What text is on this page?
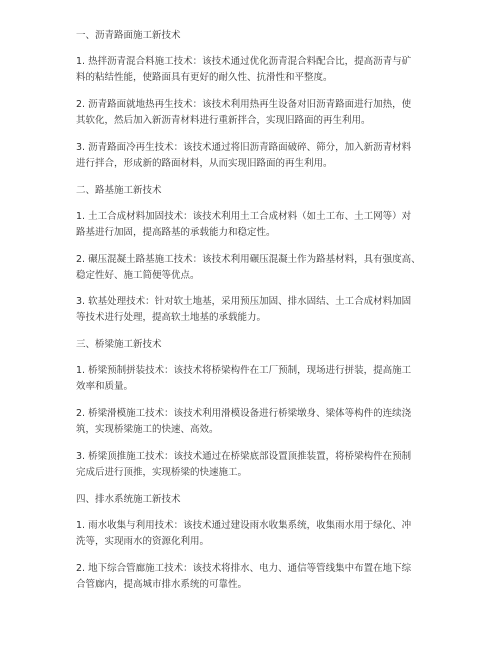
一、沥青路面施工新技术
1. 热拌沥青混合料施工技术：该技术通过优化沥青混合料配合比，提高沥青与矿
料的粘结性能，使路面具有更好的耐久性、抗滑性和平整度。
2. 沥青路面就地热再生技术：该技术利用热再生设备对旧沥青路面进行加热，使
其软化，然后加入新沥青材料进行重新拌合，实现旧路面的再生利用。
3. 沥青路面冷再生技术：该技术通过将旧沥青路面破碎、筛分，加入新沥青材料
进行拌合，形成新的路面材料，从而实现旧路面的再生利用。
二、路基施工新技术
1. 土工合成材料加固技术：该技术利用土工合成材料（如土工布、土工网等）对
路基进行加固，提高路基的承载能力和稳定性。
2. 碾压混凝土路基施工技术：该技术利用碾压混凝土作为路基材料，具有强度高、
稳定性好、施工简便等优点。
3. 软基处理技术：针对软土地基，采用预压加固、排水固结、土工合成材料加固
等技术进行处理，提高软土地基的承载能力。
三、桥梁施工新技术
1. 桥梁预制拼装技术：该技术将桥梁构件在工厂预制，现场进行拼装，提高施工
效率和质量。
2. 桥梁滑模施工技术：该技术利用滑模设备进行桥梁墩身、梁体等构件的连续浇
筑，实现桥梁施工的快速、高效。
3. 桥梁顶推施工技术：该技术通过在桥梁底部设置顶推装置，将桥梁构件在预制
完成后进行顶推，实现桥梁的快速施工。
四、排水系统施工新技术
1. 雨水收集与利用技术：该技术通过建设雨水收集系统，收集雨水用于绿化、冲
洗等，实现雨水的资源化利用。
2. 地下综合管廊施工技术：该技术将排水、电力、通信等管线集中布置在地下综
合管廊内，提高城市排水系统的可靠性。
